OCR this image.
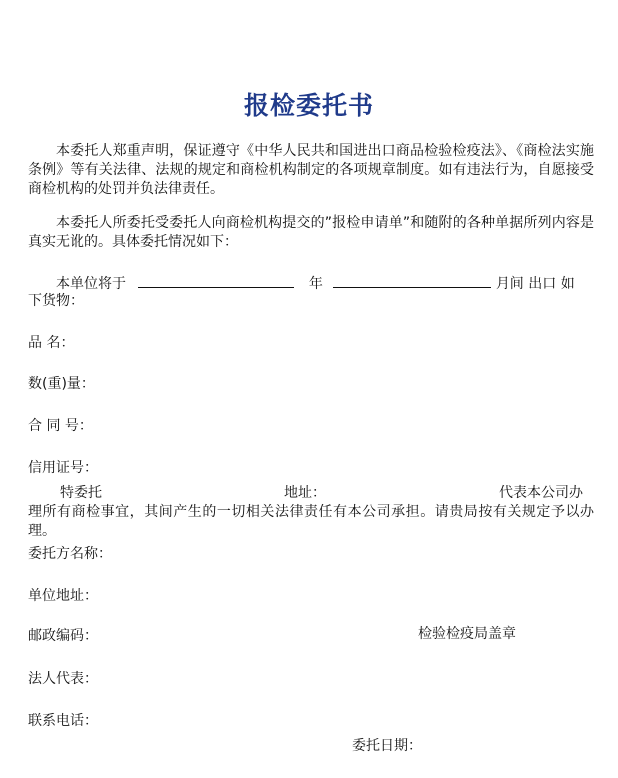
报检委托书
本委托人郑重声明，保证遵守《中华人民共和国进出口商品检验检疫法》、《商检法实施条例》等有关法律、法规的规定和商检机构制定的各项规章制度。如有违法行为，自愿接受商检机构的处罚并负法律责任。
本委托人所委托受委托人向商检机构提交的”报检申请单”和随附的各种单据所列内容是真实无讹的。具体委托情况如下：
本单位将于	年	月间 出口 如
下货物：
品 名：
数(重)量：
合 同 号：
信用证号：
特委托	地址：	代表本公司办
理所有商检事宜，其间产生的一切相关法律责任有本公司承担。请贵局按有关规定予以办理。
委托方名称：
单位地址：
邮政编码：	检验检疫局盖章
法人代表：
联系电话：
委托日期：
